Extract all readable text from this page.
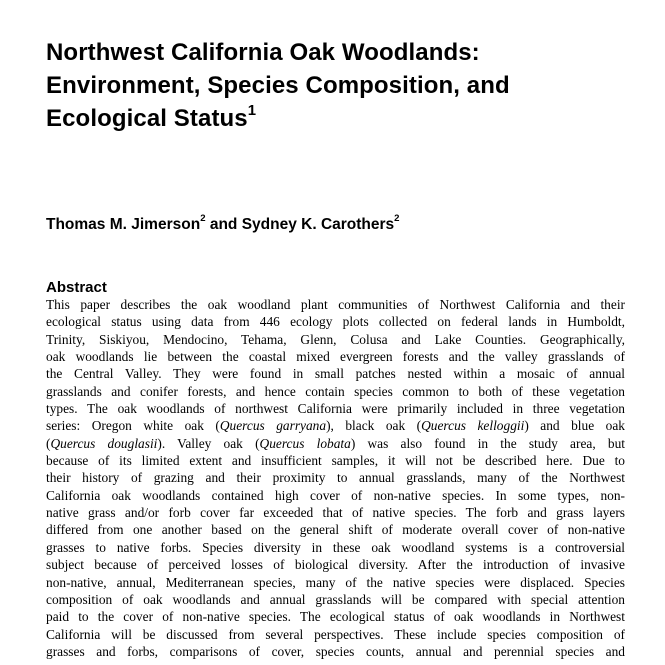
Northwest California Oak Woodlands:
Environment, Species Composition, and
Ecological Status$^1$
Thomas M. Jimerson$^2$ and Sydney K. Carothers$^2$
Abstract
This paper describes the oak woodland plant communities of Northwest California and their
ecological status using data from 446 ecology plots collected on federal lands in Humboldt,
Trinity, Siskiyou, Mendocino, Tehama, Glenn, Colusa and Lake Counties. Geographically,
oak woodlands lie between the coastal mixed evergreen forests and the valley grasslands of
the Central Valley. They were found in small patches nested within a mosaic of annual
grasslands and conifer forests, and hence contain species common to both of these vegetation
types. The oak woodlands of northwest California were primarily included in three vegetation
series: Oregon white oak (Quercus garryana), black oak (Quercus kelloggii) and blue oak
(Quercus douglasii). Valley oak (Quercus lobata) was also found in the study area, but
because of its limited extent and insufficient samples, it will not be described here. Due to
their history of grazing and their proximity to annual grasslands, many of the Northwest
California oak woodlands contained high cover of non-native species. In some types, non-
native grass and/or forb cover far exceeded that of native species. The forb and grass layers
differed from one another based on the general shift of moderate overall cover of non-native
grasses to native forbs. Species diversity in these oak woodland systems is a controversial
subject because of perceived losses of biological diversity. After the introduction of invasive
non-native, annual, Mediterranean species, many of the native species were displaced. Species
composition of oak woodlands and annual grasslands will be compared with special attention
paid to the cover of non-native species. The ecological status of oak woodlands in Northwest
California will be discussed from several perspectives. These include species composition of
grasses and forbs, comparisons of cover, species counts, annual and perennial species and
